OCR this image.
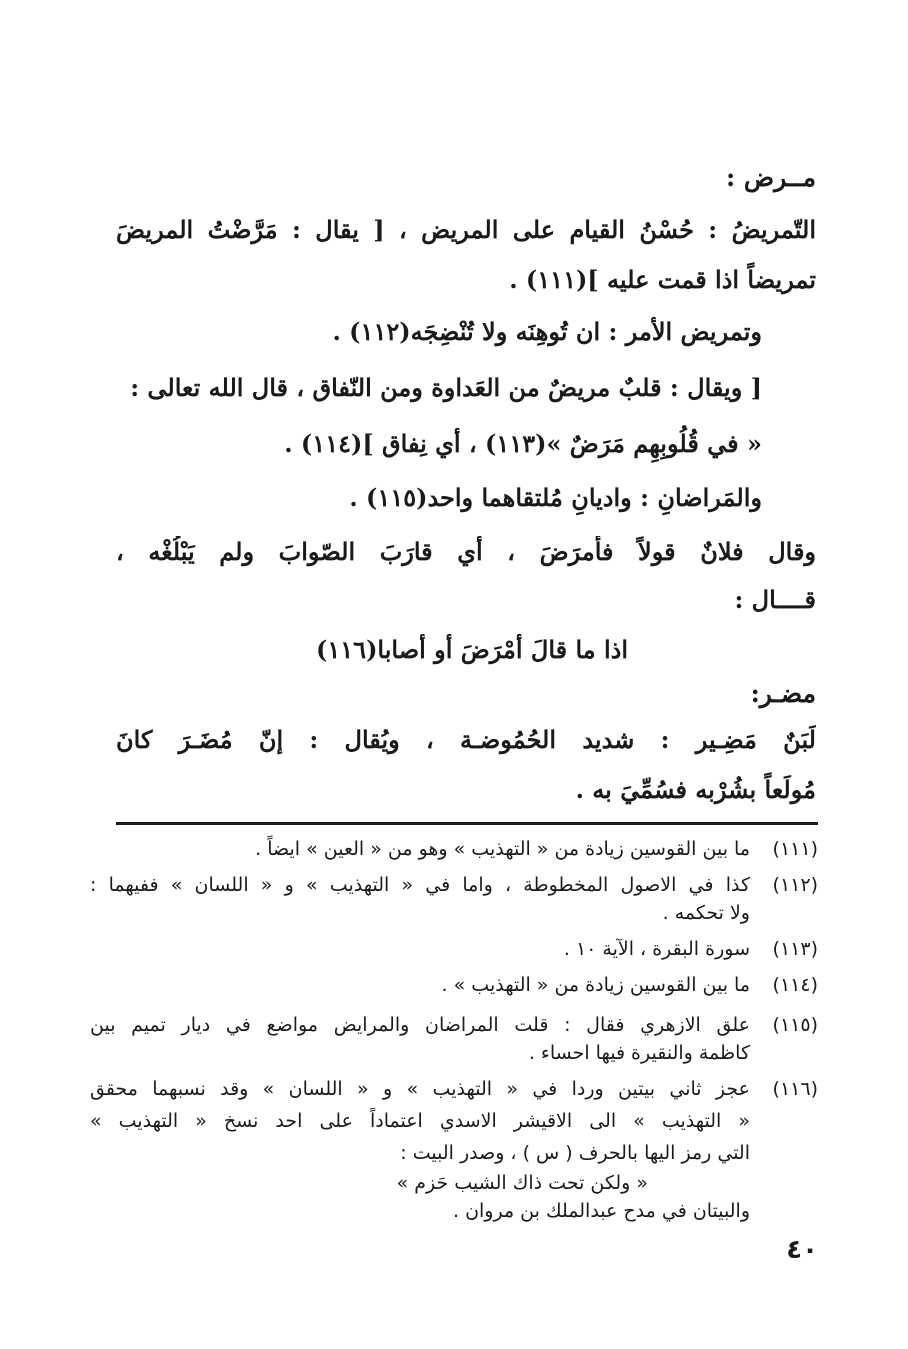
مــرض :
التّمريضُ : حُسْنُ القيام على المريض ، [ يقال : مَرَّضْتُ المريضَ
تمريضاً اذا قمت عليه ](١١١) .
وتمريض الأمر : ان تُوهِنَه ولا تُنْضِجَه(١١٢) .
[ ويقال : قلبٌ مريضٌ من العَداوة ومن النّفاق ، قال الله تعالى :
« في قُلُوبِهِم مَرَضٌ »(١١٣) ، أي نِفاق ](١١٤) .
والمَراضانِ : واديانِ مُلتقاهما واحد(١١٥) .
وقال فلانٌ قولاً فأمرَضَ ، أي قارَبَ الصّوابَ ولم يَبْلُغْه ،
قــــال :
اذا ما قالَ أمْرَضَ أو أصابا(١١٦)
مضـر:
لَبَنٌ مَضِـير : شديد الحُمُوضـة ، ويُقال : إنّ مُضَـرَ كانَ
مُولَعاً بشُرْبه فسُمِّيَ به .
(١١١)
ما بين القوسين زيادة من « التهذيب » وهو من « العين » ايضاً .
(١١٢)
كذا في الاصول المخطوطة ، واما في « التهذيب » و « اللسان » ففيهما :
ولا تحكمه .
(١١٣)
سورة البقرة ، الآية ١٠ .
(١١٤)
ما بين القوسين زيادة من « التهذيب » .
(١١٥)
علق الازهري فقال : قلت المراضان والمرايض مواضع في ديار تميم بين
كاظمة والنقيرة فيها احساء .
(١١٦)
عجز ثاني بيتين وردا في « التهذيب » و « اللسان » وقد نسبهما محقق
« التهذيب » الى الاقيشر الاسدي اعتماداً على احد نسخ « التهذيب »
التي رمز اليها بالحرف ( س ) ، وصدر البيت :
« ولكن تحت ذاك الشيب حَزم »
والبيتان في مدح عبدالملك بن مروان .
٤٠
